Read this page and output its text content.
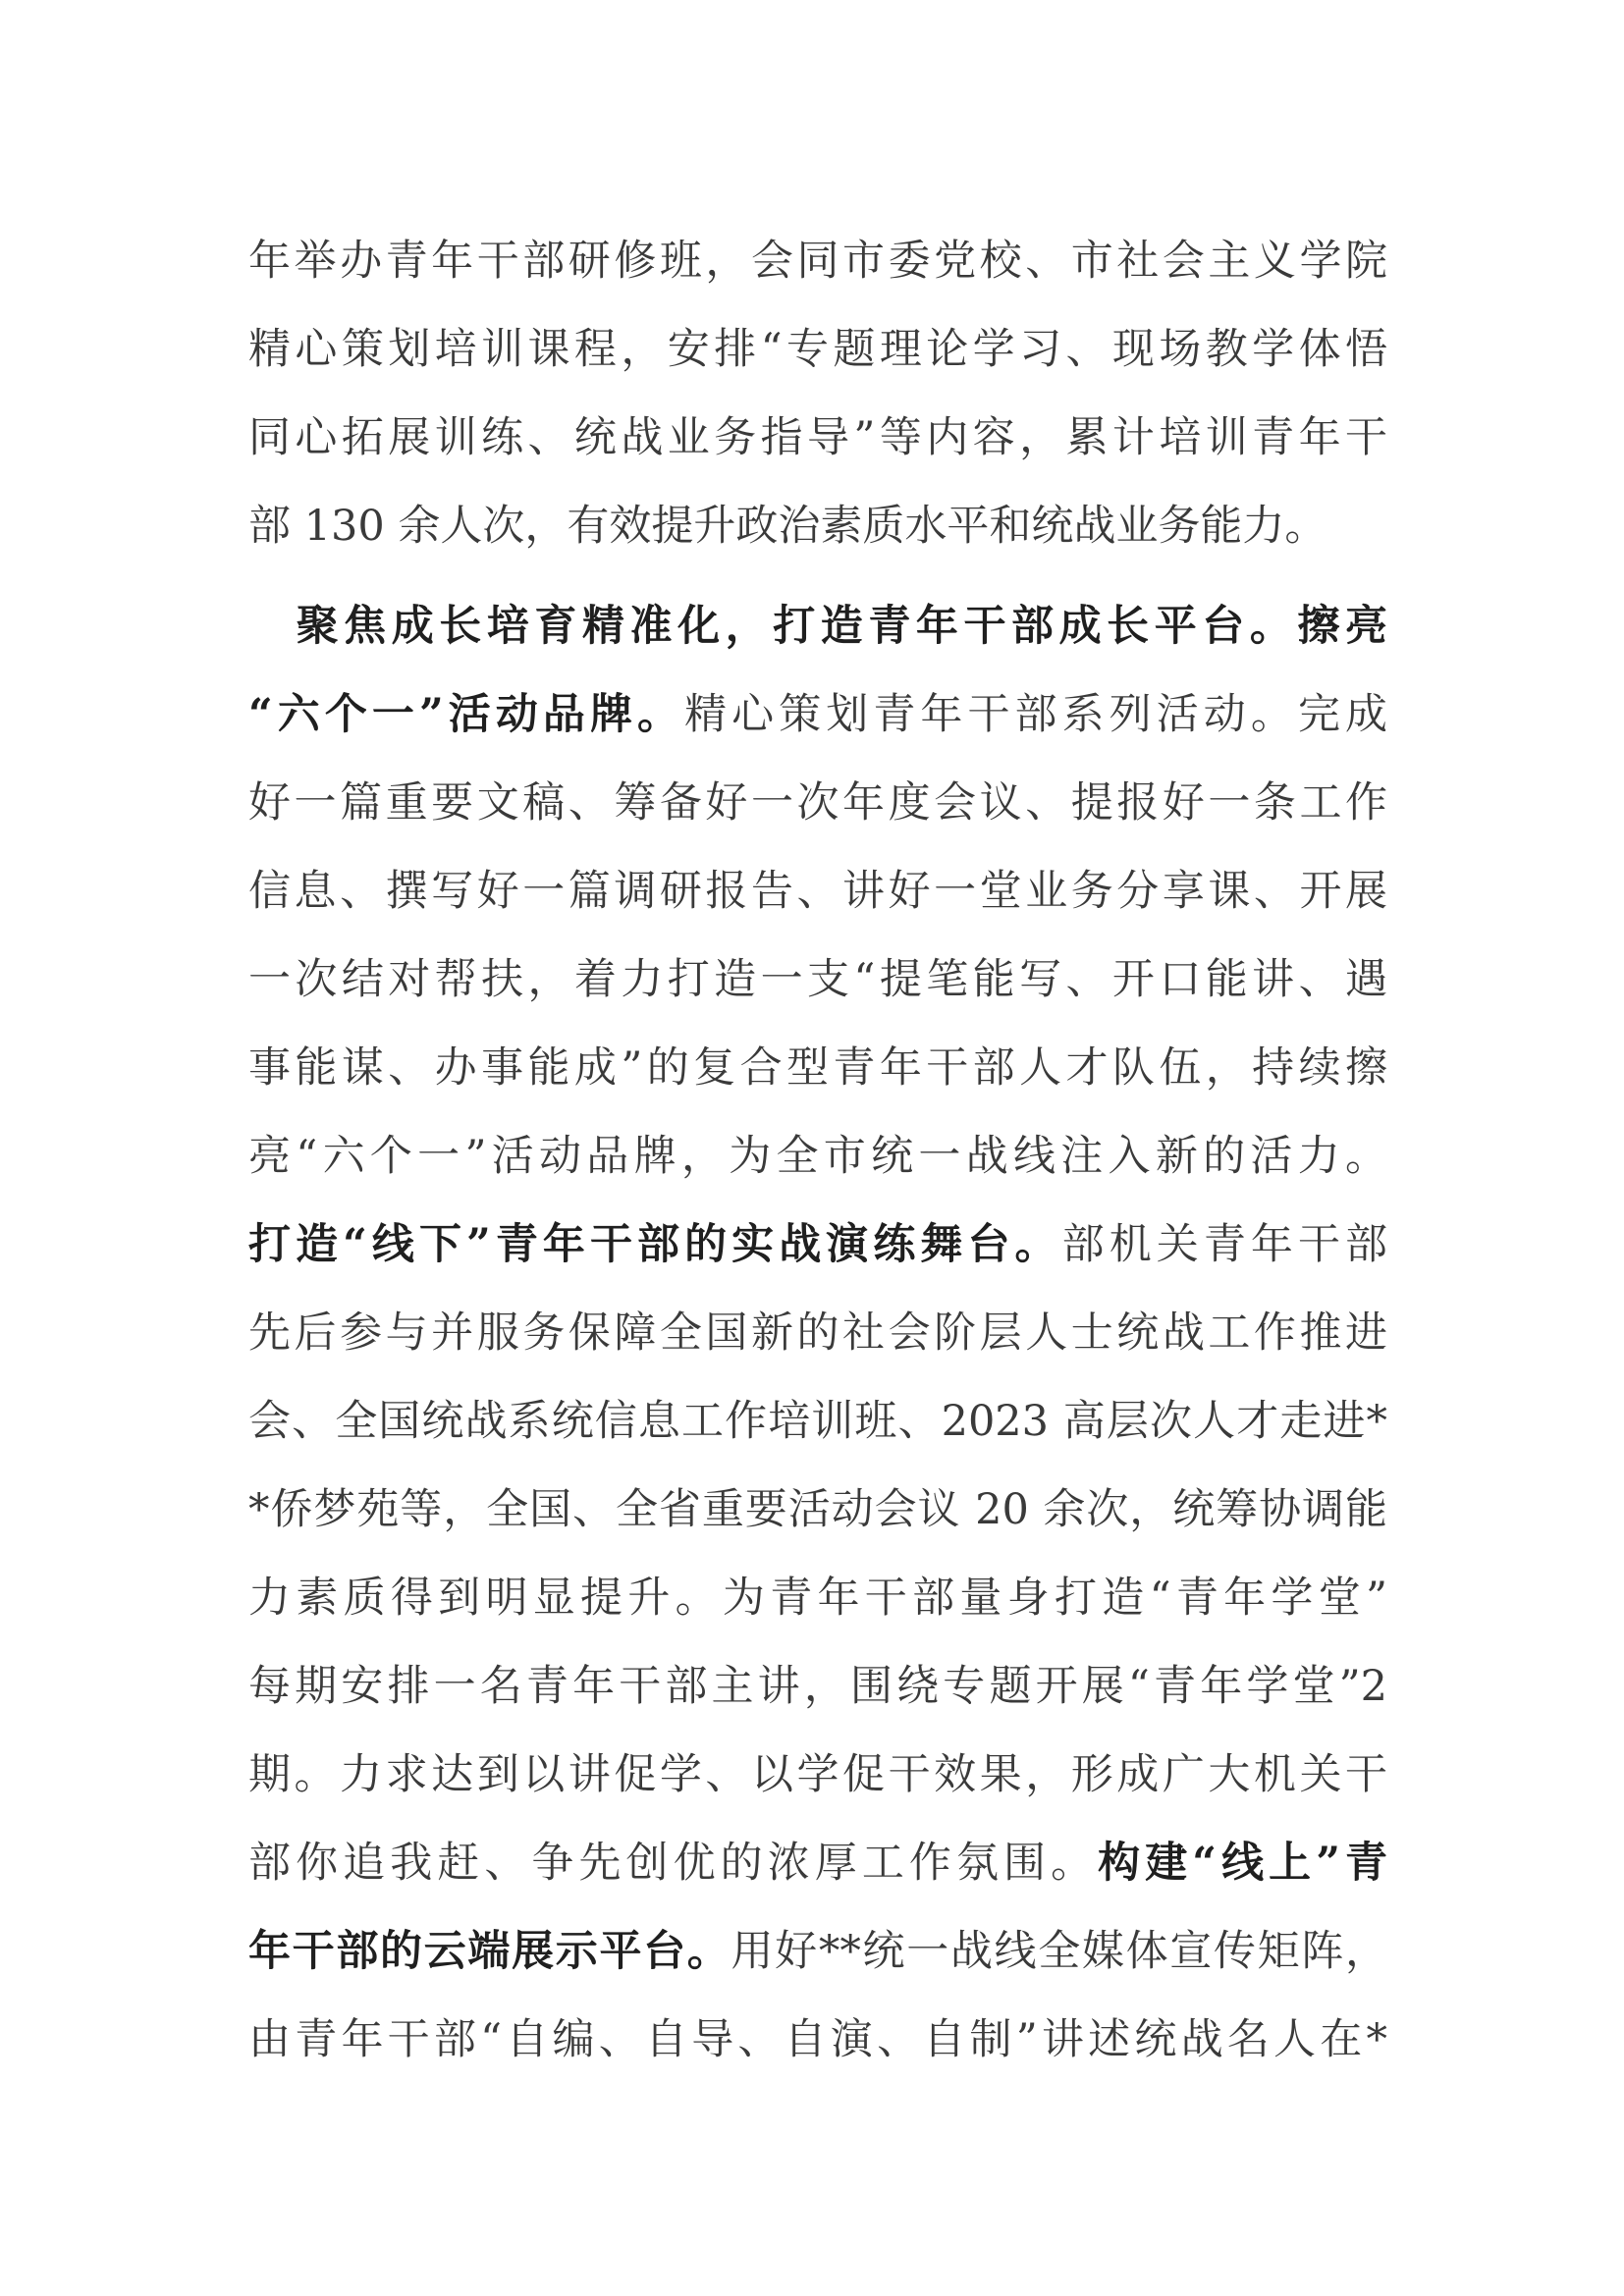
年举办青年干部研修班，会同市委党校、市社会主义学院
精心策划培训课程，安排“专题理论学习、现场教学体悟
同心拓展训练、统战业务指导”等内容，累计培训青年干
部 130 余人次，有效提升政治素质水平和统战业务能力。
　聚焦成长培育精准化，打造青年干部成长平台。擦亮
“六个一”活动品牌。精心策划青年干部系列活动。完成
好一篇重要文稿、筹备好一次年度会议、提报好一条工作
信息、撰写好一篇调研报告、讲好一堂业务分享课、开展
一次结对帮扶，着力打造一支“提笔能写、开口能讲、遇
事能谋、办事能成”的复合型青年干部人才队伍，持续擦
亮“六个一”活动品牌，为全市统一战线注入新的活力。
打造“线下”青年干部的实战演练舞台。部机关青年干部
先后参与并服务保障全国新的社会阶层人士统战工作推进
会、全国统战系统信息工作培训班、2023 高层次人才走进*
*侨梦苑等，全国、全省重要活动会议 20 余次，统筹协调能
力素质得到明显提升。为青年干部量身打造“青年学堂”
每期安排一名青年干部主讲，围绕专题开展“青年学堂”2
期。力求达到以讲促学、以学促干效果，形成广大机关干
部你追我赶、争先创优的浓厚工作氛围。构建“线上”青
年干部的云端展示平台。用好**统一战线全媒体宣传矩阵，
由青年干部“自编、自导、自演、自制”讲述统战名人在*
